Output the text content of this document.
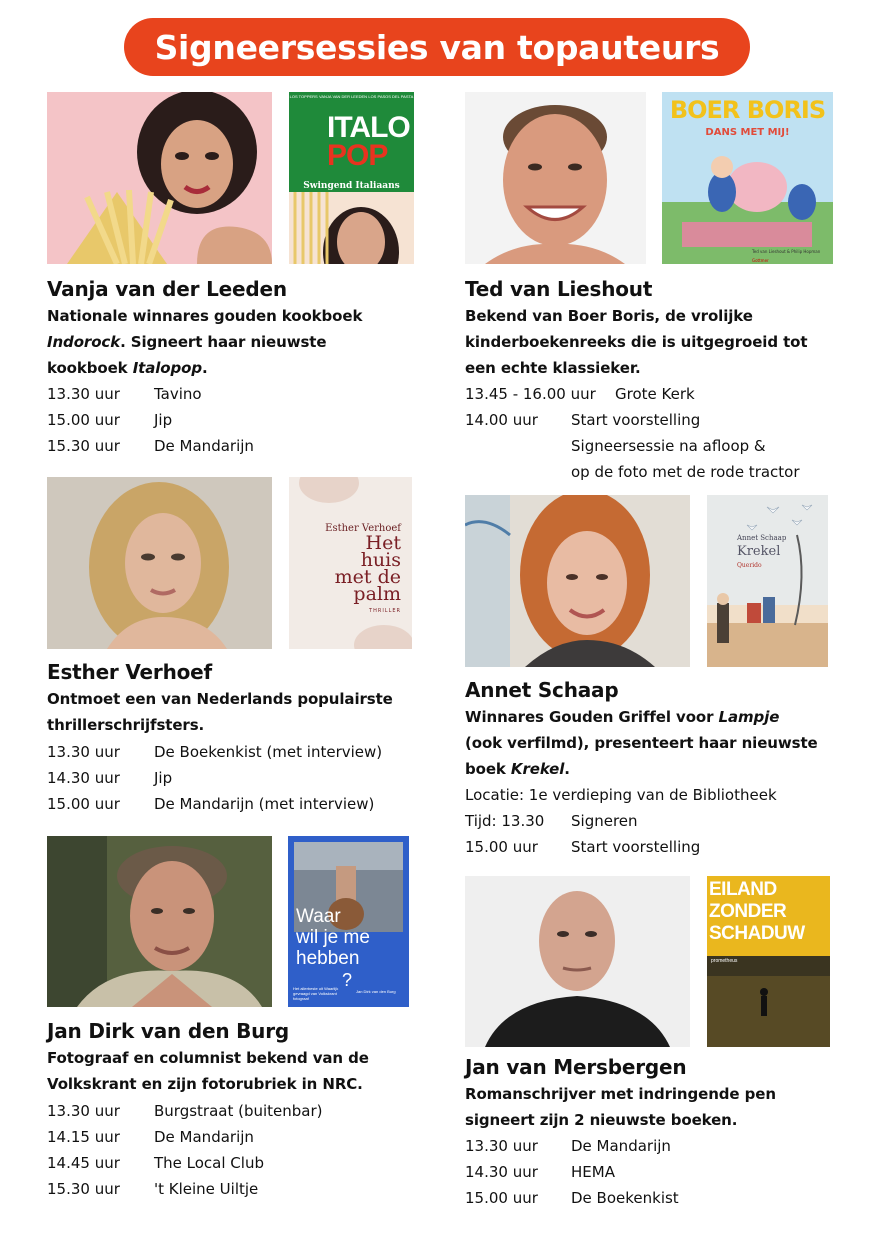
Signeersessies van topauteurs
LOS TOPPERS VANJA VAN DER LEEDEN LOS PASOS DEL PASTA
ITALO
POP
Swingend Italiaans
Vanja van der Leeden
Nationale winnares gouden kookboek
Indorock. Signeert haar nieuwste
kookboek Italopop.
13.30 uur Tavino
15.00 uur Jip
15.30 uur De Mandarijn
Esther Verhoef
Het
huis
met de
palm
THRILLER
Esther Verhoef
Ontmoet een van Nederlands populairste
thrillerschrijfsters.
13.30 uur De Boekenkist (met interview)
14.30 uur Jip
15.00 uur De Mandarijn (met interview)
Waar
wil je me
hebben
?
Het allerbeste uit Waarlijk gevraagd van Volkskrant fotograaf
Jan Dirk van den Burg
Jan Dirk van den Burg
Fotograaf en columnist bekend van de
Volkskrant en zijn fotorubriek in NRC.
13.30 uur Burgstraat (buitenbar)
14.15 uur De Mandarijn
14.45 uur The Local Club
15.30 uur 't Kleine Uiltje
BOER BORIS
DANS MET MIJ!
Ted van Lieshout & Philip Hopman
Gottmer
Ted van Lieshout
Bekend van Boer Boris, de vrolijke
kinderboekenreeks die is uitgegroeid tot
een echte klassieker.
13.45 - 16.00 uur Grote Kerk
14.00 uur Start voorstelling
Signeersessie na afloop &
op de foto met de rode tractor
Annet Schaap
Krekel
Querido
Annet Schaap
Winnares Gouden Griffel voor Lampje
(ook verfilmd), presenteert haar nieuwste
boek Krekel.
Locatie: 1e verdieping van de Bibliotheek
Tijd: 13.30 Signeren
15.00 uur Start voorstelling
EILAND
ZONDER
SCHADUW
prometheus
Jan van Mersbergen
Romanschrijver met indringende pen
signeert zijn 2 nieuwste boeken.
13.30 uur De Mandarijn
14.30 uur HEMA
15.00 uur De Boekenkist
